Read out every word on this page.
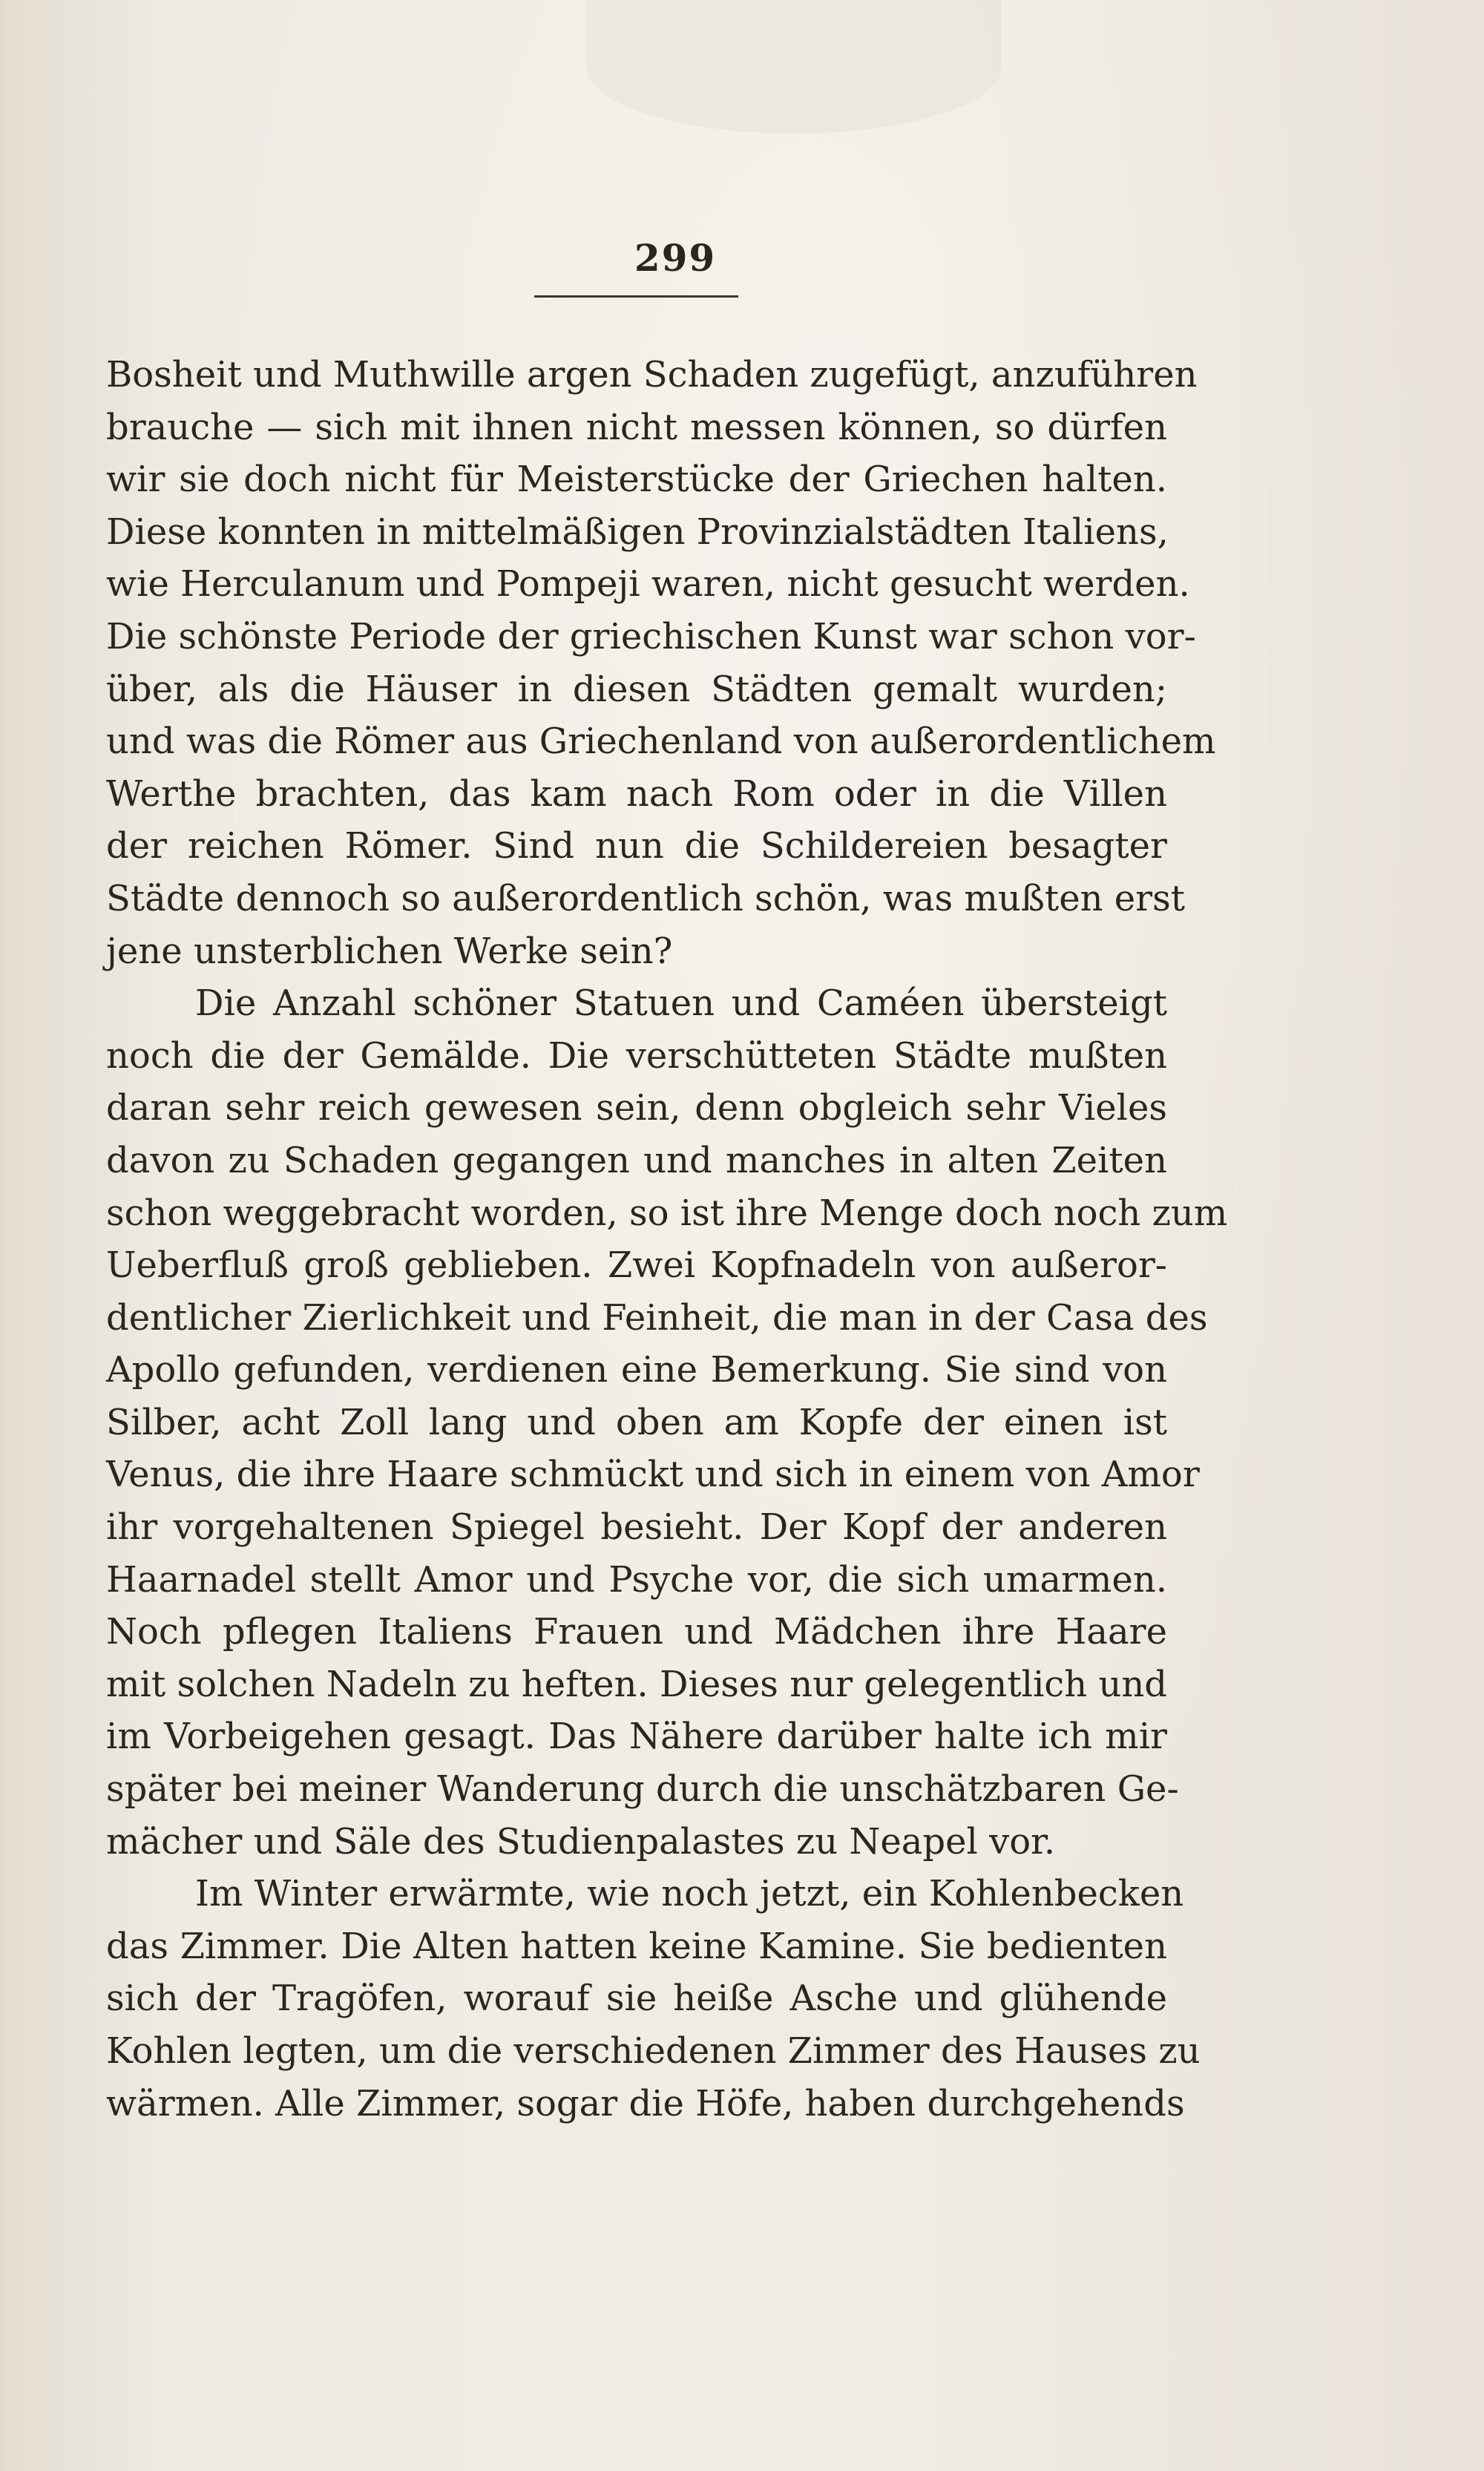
299
Bosheit und Muthwille argen Schaden zugefügt, anzuführen
brauche — sich mit ihnen nicht messen können, so dürfen
wir sie doch nicht für Meisterstücke der Griechen halten.
Diese konnten in mittelmäßigen Provinzialstädten Italiens,
wie Herculanum und Pompeji waren, nicht gesucht werden.
Die schönste Periode der griechischen Kunst war schon vor-
über, als die Häuser in diesen Städten gemalt wurden;
und was die Römer aus Griechenland von außerordentlichem
Werthe brachten, das kam nach Rom oder in die Villen
der reichen Römer. Sind nun die Schildereien besagter
Städte dennoch so außerordentlich schön, was mußten erst
jene unsterblichen Werke sein?
Die Anzahl schöner Statuen und Caméen übersteigt
noch die der Gemälde. Die verschütteten Städte mußten
daran sehr reich gewesen sein, denn obgleich sehr Vieles
davon zu Schaden gegangen und manches in alten Zeiten
schon weggebracht worden, so ist ihre Menge doch noch zum
Ueberfluß groß geblieben. Zwei Kopfnadeln von außeror-
dentlicher Zierlichkeit und Feinheit, die man in der Casa des
Apollo gefunden, verdienen eine Bemerkung. Sie sind von
Silber, acht Zoll lang und oben am Kopfe der einen ist
Venus, die ihre Haare schmückt und sich in einem von Amor
ihr vorgehaltenen Spiegel besieht. Der Kopf der anderen
Haarnadel stellt Amor und Psyche vor, die sich umarmen.
Noch pflegen Italiens Frauen und Mädchen ihre Haare
mit solchen Nadeln zu heften. Dieses nur gelegentlich und
im Vorbeigehen gesagt. Das Nähere darüber halte ich mir
später bei meiner Wanderung durch die unschätzbaren Ge-
mächer und Säle des Studienpalastes zu Neapel vor.
Im Winter erwärmte, wie noch jetzt, ein Kohlenbecken
das Zimmer. Die Alten hatten keine Kamine. Sie bedienten
sich der Tragöfen, worauf sie heiße Asche und glühende
Kohlen legten, um die verschiedenen Zimmer des Hauses zu
wärmen. Alle Zimmer, sogar die Höfe, haben durchgehends
